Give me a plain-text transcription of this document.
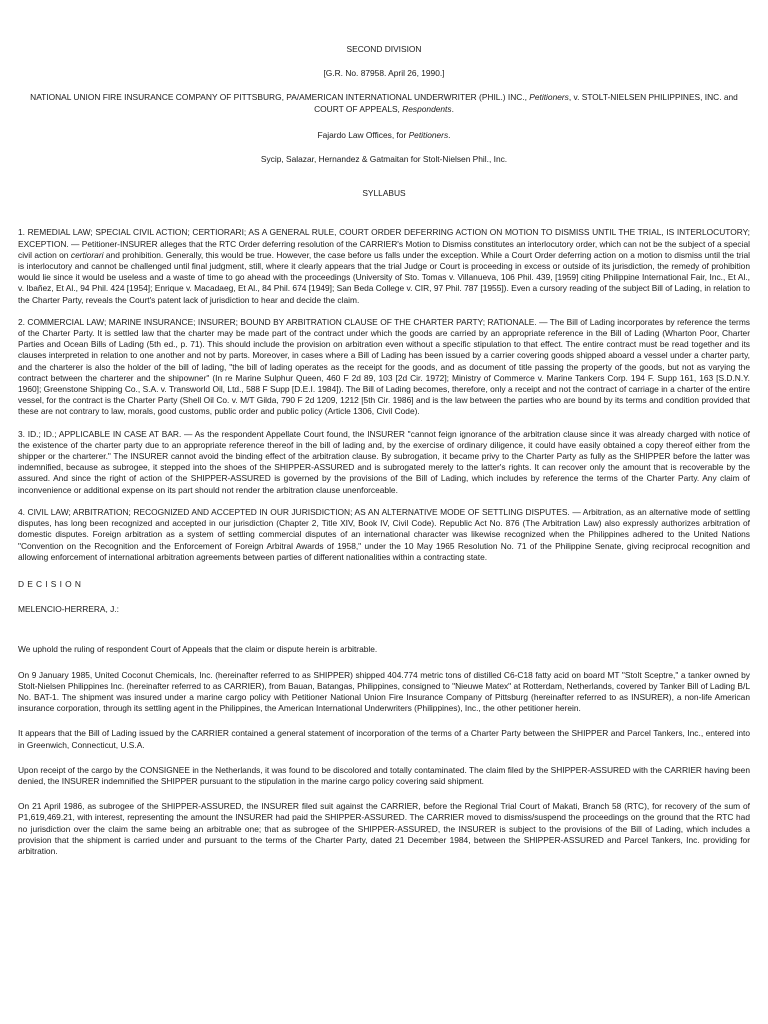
SECOND DIVISION

[G.R. No. 87958. April 26, 1990.]

NATIONAL UNION FIRE INSURANCE COMPANY OF PITTSBURG, PA/AMERICAN INTERNATIONAL UNDERWRITER (PHIL.) INC., Petitioners, v. STOLT-NIELSEN PHILIPPINES, INC. and COURT OF APPEALS, Respondents.

Fajardo Law Offices, for Petitioners.

Sycip, Salazar, Hernandez & Gatmaitan for Stolt-Nielsen Phil., Inc.

SYLLABUS

1. REMEDIAL LAW; SPECIAL CIVIL ACTION; CERTIORARI; AS A GENERAL RULE, COURT ORDER DEFERRING ACTION ON MOTION TO DISMISS UNTIL THE TRIAL, IS INTERLOCUTORY; EXCEPTION. — Petitioner-INSURER alleges that the RTC Order deferring resolution of the CARRIER's Motion to Dismiss constitutes an interlocutory order, which can not be the subject of a special civil action on certiorari and prohibition. Generally, this would be true. However, the case before us falls under the exception. While a Court Order deferring action on a motion to dismiss until the trial is interlocutory and cannot be challenged until final judgment, still, where it clearly appears that the trial Judge or Court is proceeding in excess or outside of its jurisdiction, the remedy of prohibition would lie since it would be useless and a waste of time to go ahead with the proceedings (University of Sto. Tomas v. Villanueva, 106 Phil. 439, [1959] citing Philippine International Fair, Inc., Et Al., v. Ibañez, Et Al., 94 Phil. 424 [1954]; Enrique v. Macadaeg, Et Al., 84 Phil. 674 [1949]; San Beda College v. CIR, 97 Phil. 787 [1955]). Even a cursory reading of the subject Bill of Lading, in relation to the Charter Party, reveals the Court's patent lack of jurisdiction to hear and decide the claim.

2. COMMERCIAL LAW; MARINE INSURANCE; INSURER; BOUND BY ARBITRATION CLAUSE OF THE CHARTER PARTY; RATIONALE. — The Bill of Lading incorporates by reference the terms of the Charter Party. It is settled law that the charter may be made part of the contract under which the goods are carried by an appropriate reference in the Bill of Lading (Wharton Poor, Charter Parties and Ocean Bills of Lading (5th ed., p. 71). This should include the provision on arbitration even without a specific stipulation to that effect. The entire contract must be read together and its clauses interpreted in relation to one another and not by parts. Moreover, in cases where a Bill of Lading has been issued by a carrier covering goods shipped aboard a vessel under a charter party, and the charterer is also the holder of the bill of lading, "the bill of lading operates as the receipt for the goods, and as document of title passing the property of the goods, but not as varying the contract between the charterer and the shipowner" (In re Marine Sulphur Queen, 460 F 2d 89, 103 [2d Cir. 1972]; Ministry of Commerce v. Marine Tankers Corp. 194 F. Supp 161, 163 [S.D.N.Y. 1960]; Greenstone Shipping Co., S.A. v. Transworld Oil, Ltd., 588 F Supp [D.E.I. 1984]). The Bill of Lading becomes, therefore, only a receipt and not the contract of carriage in a charter of the entire vessel, for the contract is the Charter Party (Shell Oil Co. v. M/T Gilda, 790 F 2d 1209, 1212 [5th Cir. 1986] and is the law between the parties who are bound by its terms and condition provided that these are not contrary to law, morals, good customs, public order and public policy (Article 1306, Civil Code).

3. ID.; ID.; APPLICABLE IN CASE AT BAR. — As the respondent Appellate Court found, the INSURER "cannot feign ignorance of the arbitration clause since it was already charged with notice of the existence of the charter party due to an appropriate reference thereof in the bill of lading and, by the exercise of ordinary diligence, it could have easily obtained a copy thereof either from the shipper or the charterer." The INSURER cannot avoid the binding effect of the arbitration clause. By subrogation, it became privy to the Charter Party as fully as the SHIPPER before the latter was indemnified, because as subrogee, it stepped into the shoes of the SHIPPER-ASSURED and is subrogated merely to the latter's rights. It can recover only the amount that is recoverable by the assured. And since the right of action of the SHIPPER-ASSURED is governed by the provisions of the Bill of Lading, which includes by reference the terms of the Charter Party. Any claim of inconvenience or additional expense on its part should not render the arbitration clause unenforceable.

4. CIVIL LAW; ARBITRATION; RECOGNIZED AND ACCEPTED IN OUR JURISDICTION; AS AN ALTERNATIVE MODE OF SETTLING DISPUTES. — Arbitration, as an alternative mode of settling disputes, has long been recognized and accepted in our jurisdiction (Chapter 2, Title XIV, Book IV, Civil Code). Republic Act No. 876 (The Arbitration Law) also expressly authorizes arbitration of domestic disputes. Foreign arbitration as a system of settling commercial disputes of an international character was likewise recognized when the Philippines adhered to the United Nations "Convention on the Recognition and the Enforcement of Foreign Arbitral Awards of 1958," under the 10 May 1965 Resolution No. 71 of the Philippine Senate, giving reciprocal recognition and allowing enforcement of international arbitration agreements between parties of different nationalities within a contracting state.

DECISION

MELENCIO-HERRERA, J.:

We uphold the ruling of respondent Court of Appeals that the claim or dispute herein is arbitrable.

On 9 January 1985, United Coconut Chemicals, Inc. (hereinafter referred to as SHIPPER) shipped 404.774 metric tons of distilled C6-C18 fatty acid on board MT "Stolt Sceptre," a tanker owned by Stolt-Nielsen Philippines Inc. (hereinafter referred to as CARRIER), from Bauan, Batangas, Philippines, consigned to "Nieuwe Matex" at Rotterdam, Netherlands, covered by Tanker Bill of Lading B/L No. BAT-1. The shipment was insured under a marine cargo policy with Petitioner National Union Fire Insurance Company of Pittsburg (hereinafter referred to as INSURER), a non-life American insurance corporation, through its settling agent in the Philippines, the American International Underwriters (Philippines), Inc., the other petitioner herein.

It appears that the Bill of Lading issued by the CARRIER contained a general statement of incorporation of the terms of a Charter Party between the SHIPPER and Parcel Tankers, Inc., entered into in Greenwich, Connecticut, U.S.A.

Upon receipt of the cargo by the CONSIGNEE in the Netherlands, it was found to be discolored and totally contaminated. The claim filed by the SHIPPER-ASSURED with the CARRIER having been denied, the INSURER indemnified the SHIPPER pursuant to the stipulation in the marine cargo policy covering said shipment.

On 21 April 1986, as subrogee of the SHIPPER-ASSURED, the INSURER filed suit against the CARRIER, before the Regional Trial Court of Makati, Branch 58 (RTC), for recovery of the sum of P1,619,469.21, with interest, representing the amount the INSURER had paid the SHIPPER-ASSURED. The CARRIER moved to dismiss/suspend the proceedings on the ground that the RTC had no jurisdiction over the claim the same being an arbitrable one; that as subrogee of the SHIPPER-ASSURED, the INSURER is subject to the provisions of the Bill of Lading, which includes a provision that the shipment is carried under and pursuant to the terms of the Charter Party, dated 21 December 1984, between the SHIPPER-ASSURED and Parcel Tankers, Inc. providing for arbitration.
